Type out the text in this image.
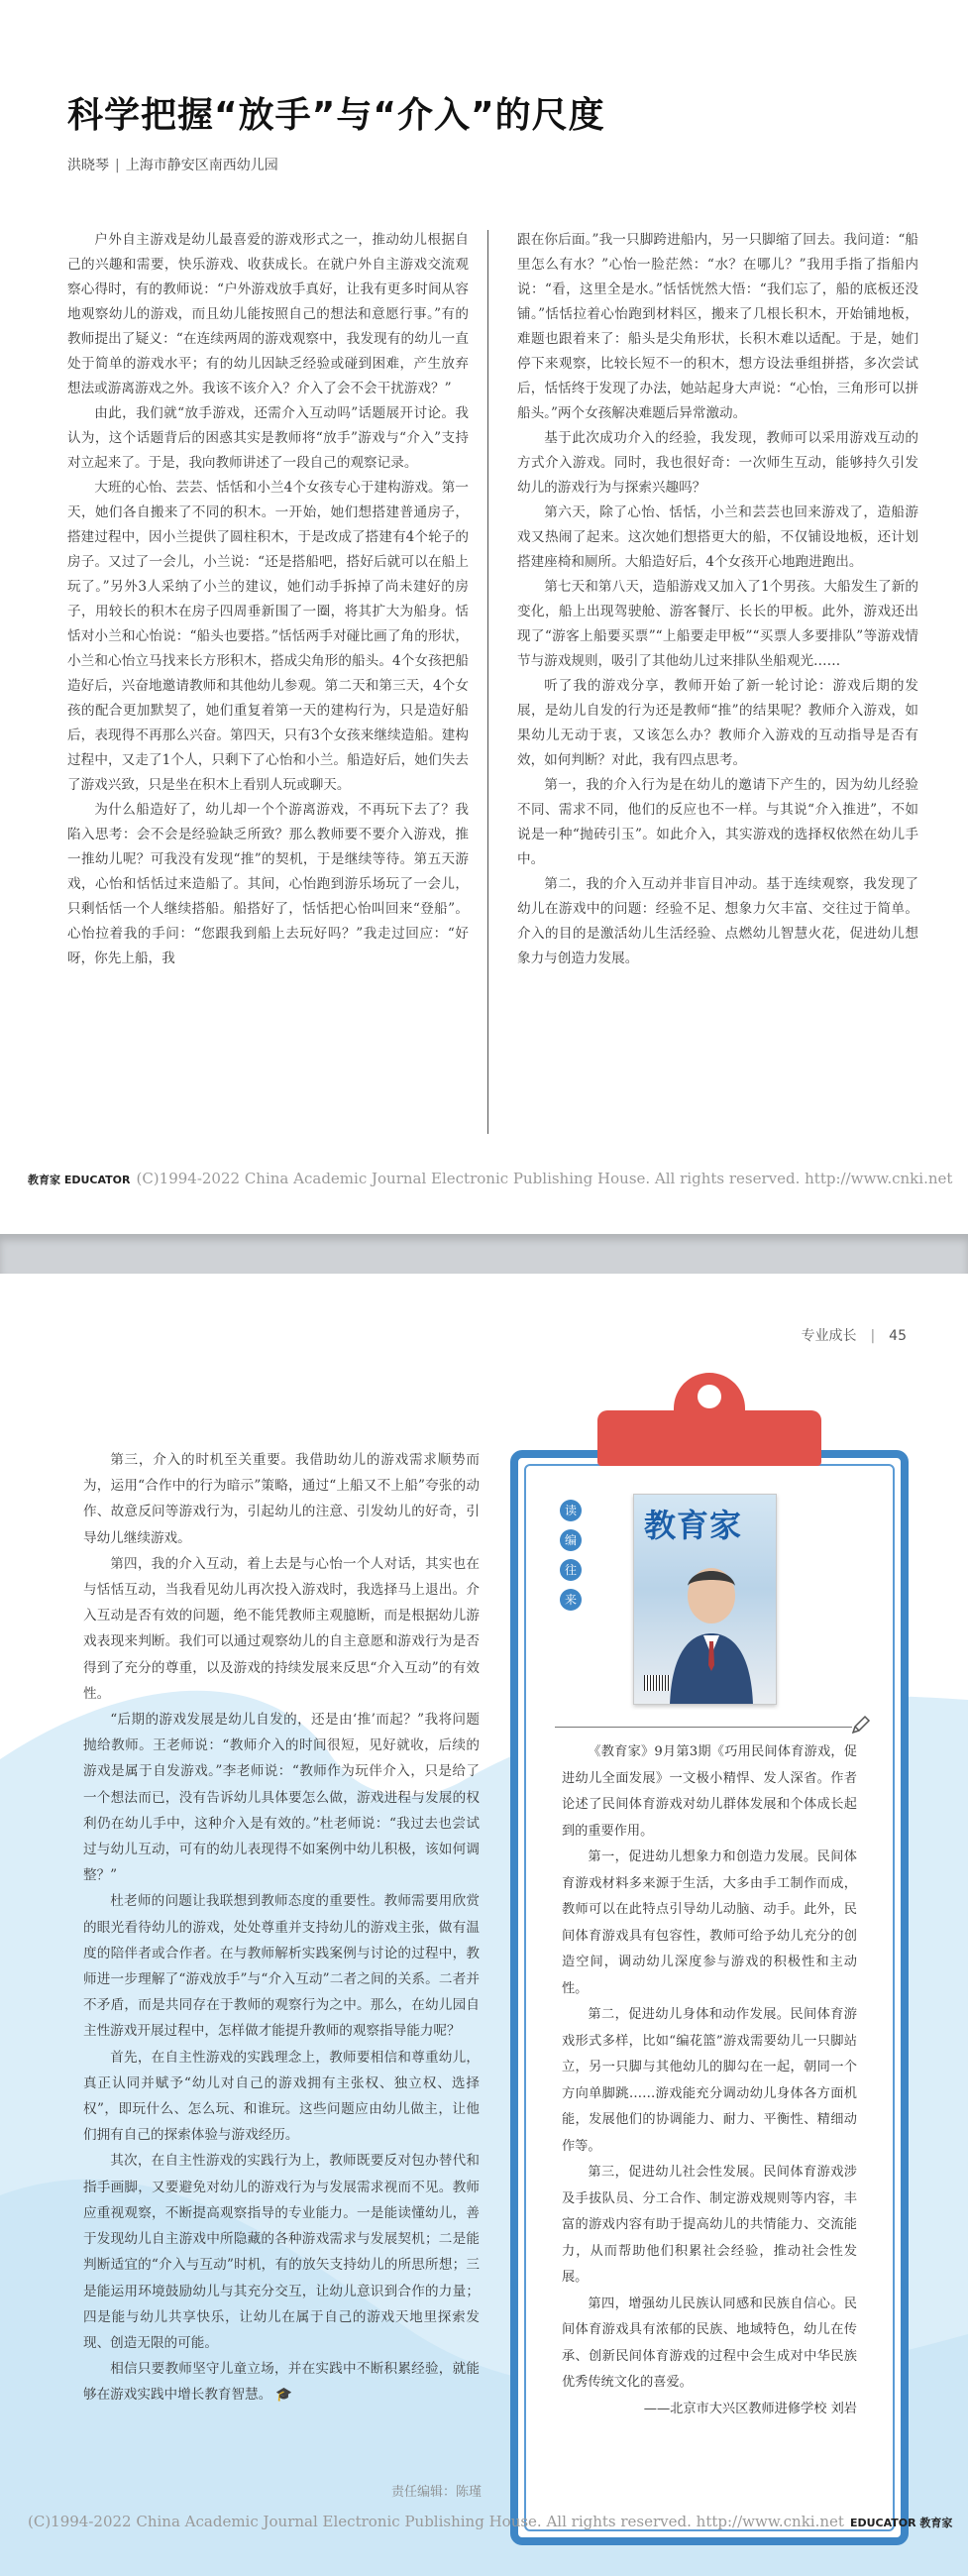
科学把握“放手”与“介入”的尺度
洪晓琴 | 上海市静安区南西幼儿园

户外自主游戏是幼儿最喜爱的游戏形式之一，推动幼儿根据自己的兴趣和需要，快乐游戏、收获成长。在就户外自主游戏交流观察心得时，有的教师说：“户外游戏放手真好，让我有更多时间从容地观察幼儿的游戏，而且幼儿能按照自己的想法和意愿行事。”有的教师提出了疑义：“在连续两周的游戏观察中，我发现有的幼儿一直处于简单的游戏水平；有的幼儿因缺乏经验或碰到困难，产生放弃想法或游离游戏之外。我该不该介入？介入了会不会干扰游戏？”

由此，我们就“放手游戏，还需介入互动吗”话题展开讨论。我认为，这个话题背后的困惑其实是教师将“放手”游戏与“介入”支持对立起来了。于是，我向教师讲述了一段自己的观察记录。

大班的心怡、芸芸、恬恬和小兰4个女孩专心于建构游戏。第一天，她们各自搬来了不同的积木。一开始，她们想搭建普通房子，搭建过程中，因小兰提供了圆柱积木，于是改成了搭建有4个轮子的房子。又过了一会儿，小兰说：“还是搭船吧，搭好后就可以在船上玩了。”另外3人采纳了小兰的建议，她们动手拆掉了尚未建好的房子，用较长的积木在房子四周垂新围了一圈，将其扩大为船身。恬恬对小兰和心怡说：“船头也要搭。”恬恬两手对碰比画了角的形状，小兰和心怡立马找来长方形积木，搭成尖角形的船头。4个女孩把船造好后，兴奋地邀请教师和其他幼儿参观。第二天和第三天，4个女孩的配合更加默契了，她们重复着第一天的建构行为，只是造好船后，表现得不再那么兴奋。第四天，只有3个女孩来继续造船。建构过程中，又走了1个人，只剩下了心怡和小兰。船造好后，她们失去了游戏兴致，只是坐在积木上看别人玩或聊天。

为什么船造好了，幼儿却一个个游离游戏，不再玩下去了？我陷入思考：会不会是经验缺乏所致？那么教师要不要介入游戏，推一推幼儿呢？可我没有发现“推”的契机，于是继续等待。第五天游戏，心怡和恬恬过来造船了。其间，心怡跑到游乐场玩了一会儿，只剩恬恬一个人继续搭船。船搭好了，恬恬把心怡叫回来“登船”。心怡拉着我的手问：“您跟我到船上去玩好吗？”我走过回应：“好呀，你先上船，我

跟在你后面。”我一只脚跨进船内，另一只脚缩了回去。我问道：“船里怎么有水？”心怡一脸茫然：“水？在哪儿？”我用手指了指船内说：“看，这里全是水。”恬恬恍然大悟：“我们忘了，船的底板还没铺。”恬恬拉着心怡跑到材料区，搬来了几根长积木，开始铺地板，难题也跟着来了：船头是尖角形状，长积木难以适配。于是，她们停下来观察，比较长短不一的积木，想方设法垂组拼搭，多次尝试后，恬恬终于发现了办法，她站起身大声说：“心怡，三角形可以拼船头。”两个女孩解决难题后异常激动。

基于此次成功介入的经验，我发现，教师可以采用游戏互动的方式介入游戏。同时，我也很好奇：一次师生互动，能够持久引发幼儿的游戏行为与探索兴趣吗？

第六天，除了心怡、恬恬，小兰和芸芸也回来游戏了，造船游戏又热闹了起来。这次她们想搭更大的船，不仅铺设地板，还计划搭建座椅和厕所。大船造好后，4个女孩开心地跑进跑出。

第七天和第八天，造船游戏又加入了1个男孩。大船发生了新的变化，船上出现驾驶舱、游客餐厅、长长的甲板。此外，游戏还出现了“游客上船要买票”“上船要走甲板”“买票人多要排队”等游戏情节与游戏规则，吸引了其他幼儿过来排队坐船观光……

听了我的游戏分享，教师开始了新一轮讨论：游戏后期的发展，是幼儿自发的行为还是教师“推”的结果呢？教师介入游戏，如果幼儿无动于衷，又该怎么办？教师介入游戏的互动指导是否有效，如何判断？对此，我有四点思考。

第一，我的介入行为是在幼儿的邀请下产生的，因为幼儿经验不同、需求不同，他们的反应也不一样。与其说“介入推进”，不如说是一种“抛砖引玉”。如此介入，其实游戏的选择权依然在幼儿手中。

第二，我的介入互动并非盲目冲动。基于连续观察，我发现了幼儿在游戏中的问题：经验不足、想象力欠丰富、交往过于简单。介入的目的是激活幼儿生活经验、点燃幼儿智慧火花，促进幼儿想象力与创造力发展。

教育家 EDUCATOR (C)1994-2022 China Academic Journal Electronic Publishing House. All rights reserved. http://www.cnki.net
专业成长 | 45

第三，介入的时机至关重要。我借助幼儿的游戏需求顺势而为，运用“合作中的行为暗示”策略，通过“上船又不上船”夸张的动作、故意反问等游戏行为，引起幼儿的注意、引发幼儿的好奇，引导幼儿继续游戏。

第四，我的介入互动，着上去是与心怡一个人对话，其实也在与恬恬互动，当我看见幼儿再次投入游戏时，我选择马上退出。介入互动是否有效的问题，绝不能凭教师主观臆断，而是根据幼儿游戏表现来判断。我们可以通过观察幼儿的自主意愿和游戏行为是否得到了充分的尊重，以及游戏的持续发展来反思“介入互动”的有效性。

“后期的游戏发展是幼儿自发的，还是由‘推’而起？”我将问题抛给教师。王老师说：“教师介入的时间很短，见好就收，后续的游戏是属于自发游戏。”李老师说：“教师作为玩伴介入，只是给了一个想法而已，没有告诉幼儿具体要怎么做，游戏进程与发展的权利仍在幼儿手中，这种介入是有效的。”杜老师说：“我过去也尝试过与幼儿互动，可有的幼儿表现得不如案例中幼儿积极，该如何调整？”

杜老师的问题让我联想到教师态度的重要性。教师需要用欣赏的眼光看待幼儿的游戏，处处尊重并支持幼儿的游戏主张，做有温度的陪伴者或合作者。在与教师解析实践案例与讨论的过程中，教师进一步理解了“游戏放手”与“介入互动”二者之间的关系。二者并不矛盾，而是共同存在于教师的观察行为之中。那么，在幼儿园自主性游戏开展过程中，怎样做才能提升教师的观察指导能力呢？

首先，在自主性游戏的实践理念上，教师要相信和尊重幼儿，真正认同并赋予“幼儿对自己的游戏拥有主张权、独立权、选择权”，即玩什么、怎么玩、和谁玩。这些问题应由幼儿做主，让他们拥有自己的探索体验与游戏经历。

其次，在自主性游戏的实践行为上，教师既要反对包办替代和指手画脚，又要避免对幼儿的游戏行为与发展需求视而不见。教师应重视观察，不断提高观察指导的专业能力。一是能读懂幼儿，善于发现幼儿自主游戏中所隐藏的各种游戏需求与发展契机；二是能判断适宜的“介入与互动”时机，有的放矢支持幼儿的所思所想；三是能运用环境鼓励幼儿与其充分交互，让幼儿意识到合作的力量；四是能与幼儿共享快乐，让幼儿在属于自己的游戏天地里探索发现、创造无限的可能。

相信只要教师坚守儿童立场，并在实践中不断积累经验，就能够在游戏实践中增长教育智慧。 🎓

责任编辑：陈瑾
读
编
往
来
教育家

《教育家》9月第3期《巧用民间体育游戏，促进幼儿全面发展》一文极小精悍、发人深省。作者论述了民间体育游戏对幼儿群体发展和个体成长起到的重要作用。

第一，促进幼儿想象力和创造力发展。民间体育游戏材料多来源于生活，大多由手工制作而成，教师可以在此特点引导幼儿动脑、动手。此外，民间体育游戏具有包容性，教师可给予幼儿充分的创造空间，调动幼儿深度参与游戏的积极性和主动性。

第二，促进幼儿身体和动作发展。民间体育游戏形式多样，比如“编花篮”游戏需要幼儿一只脚站立，另一只脚与其他幼儿的脚勾在一起，朝同一个方向单脚跳……游戏能充分调动幼儿身体各方面机能，发展他们的协调能力、耐力、平衡性、精细动作等。

第三，促进幼儿社会性发展。民间体育游戏涉及手拔队员、分工合作、制定游戏规则等内容，丰富的游戏内容有助于提高幼儿的共情能力、交流能力，从而帮助他们积累社会经验，推动社会性发展。

第四，增强幼儿民族认同感和民族自信心。民间体育游戏具有浓郁的民族、地域特色，幼儿在传承、创新民间体育游戏的过程中会生成对中华民族优秀传统文化的喜爱。

——北京市大兴区教师进修学校 刘岩

(C)1994-2022 China Academic Journal Electronic Publishing House. All rights reserved. http://www.cnki.net EDUCATOR 教育家
